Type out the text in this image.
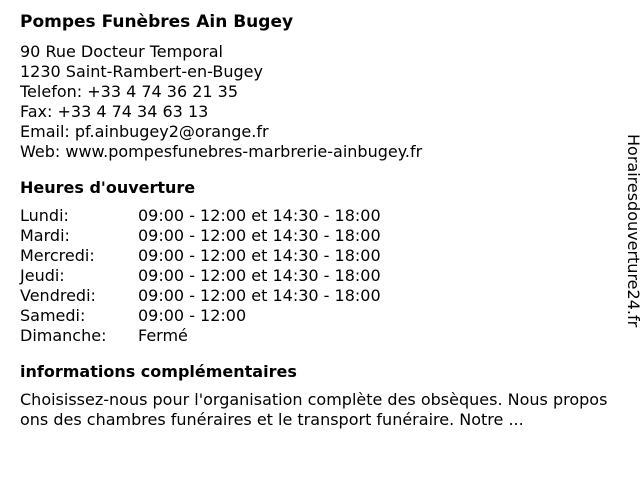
Pompes Funèbres Ain Bugey
90 Rue Docteur Temporal
1230 Saint-Rambert-en-Bugey
Telefon: +33 4 74 36 21 35
Fax: +33 4 74 34 63 13
Email: pf.ainbugey2@orange.fr
Web: www.pompesfunebres-marbrerie-ainbugey.fr
Heures d'ouverture
Lundi:	09:00 - 12:00 et 14:30 - 18:00
Mardi:	09:00 - 12:00 et 14:30 - 18:00
Mercredi:	09:00 - 12:00 et 14:30 - 18:00
Jeudi:	09:00 - 12:00 et 14:30 - 18:00
Vendredi:	09:00 - 12:00 et 14:30 - 18:00
Samedi:	09:00 - 12:00
Dimanche:	Fermé
informations complémentaires
Choisissez-nous pour l'organisation complète des obsèques. Nous proposons des chambres funéraires et le transport funéraire. Notre ...
Horairesdouverture24.fr
